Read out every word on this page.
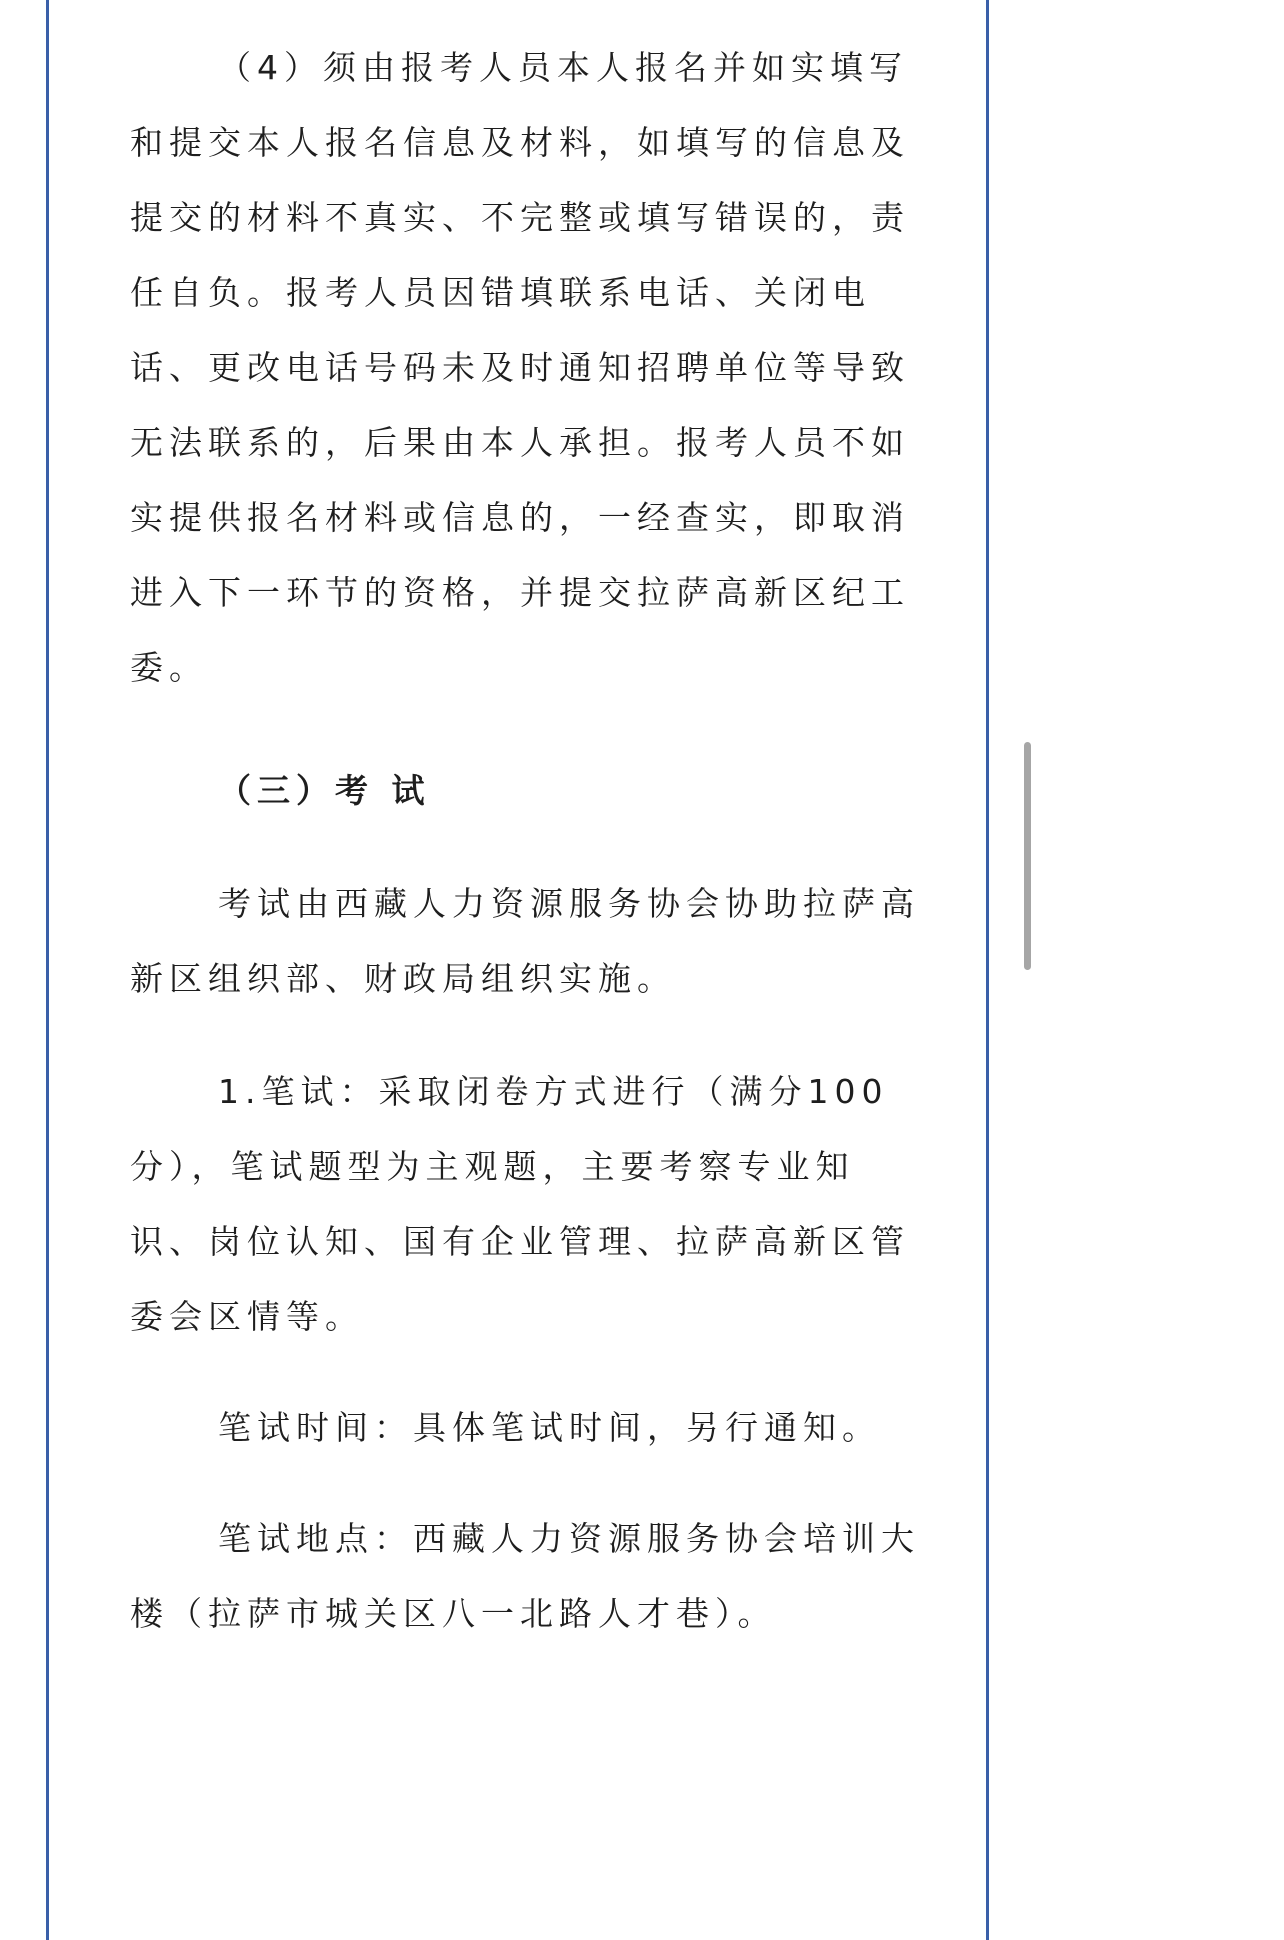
（4）须由报考人员本人报名并如实填写和提交本人报名信息及材料，如填写的信息及提交的材料不真实、不完整或填写错误的，责任自负。报考人员因错填联系电话、关闭电话、更改电话号码未及时通知招聘单位等导致无法联系的，后果由本人承担。报考人员不如实提供报名材料或信息的，一经查实，即取消进入下一环节的资格，并提交拉萨高新区纪工委。

（三）考 试

考试由西藏人力资源服务协会协助拉萨高新区组织部、财政局组织实施。

1.笔试：采取闭卷方式进行（满分100分），笔试题型为主观题，主要考察专业知识、岗位认知、国有企业管理、拉萨高新区管委会区情等。

笔试时间：具体笔试时间，另行通知。

笔试地点：西藏人力资源服务协会培训大楼（拉萨市城关区八一北路人才巷）。
